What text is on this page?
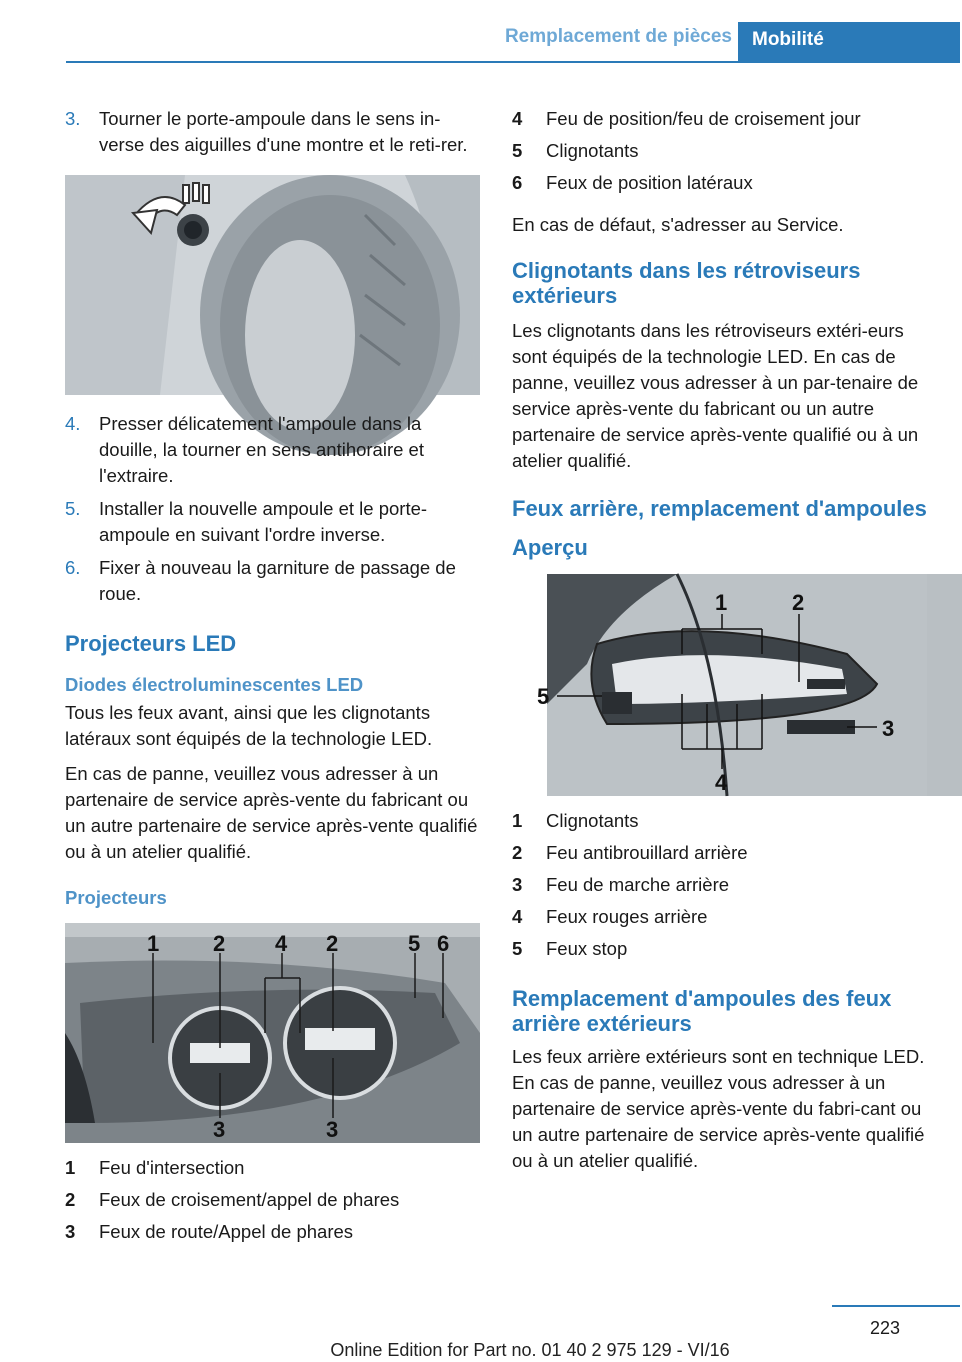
Remplacement de pièces	Mobilité
3. Tourner le porte-ampoule dans le sens in‐verse des aiguilles d'une montre et le reti‐rer.
4. Presser délicatement l'ampoule dans la douille, la tourner en sens antihoraire et l'extraire.
5. Installer la nouvelle ampoule et le porte-ampoule en suivant l'ordre inverse.
6. Fixer à nouveau la garniture de passage de roue.
Projecteurs LED
Diodes électroluminescentes LED

Tous les feux avant, ainsi que les clignotants latéraux sont équipés de la technologie LED.

En cas de panne, veuillez vous adresser à un partenaire de service après-vente du fabricant ou un autre partenaire de service après-vente qualifié ou à un atelier qualifié.

Projecteurs
1 2 4 2	5 6
3	3
1 Feu d'intersection
2 Feux de croisement/appel de phares
3 Feux de route/Appel de phares
4 Feu de position/feu de croisement jour
5 Clignotants
6 Feux de position latéraux

En cas de défaut, s'adresser au Service.

Clignotants dans les rétroviseurs extérieurs

Les clignotants dans les rétroviseurs extéri‐eurs sont équipés de la technologie LED. En cas de panne, veuillez vous adresser à un par‐tenaire de service après-vente du fabricant ou un autre partenaire de service après-vente qualifié ou à un atelier qualifié.

Feux arrière, remplacement d'ampoules
Aperçu
1	2
5
3
4
1 Clignotants
2 Feu antibrouillard arrière
3 Feu de marche arrière
4 Feux rouges arrière
5 Feux stop
Remplacement d'ampoules des feux arrière extérieurs

Les feux arrière extérieurs sont en technique LED. En cas de panne, veuillez vous adresser à un partenaire de service après-vente du fabri‐cant ou un autre partenaire de service après-vente qualifié ou à un atelier qualifié.

223
Online Edition for Part no. 01 40 2 975 129 - VI/16
